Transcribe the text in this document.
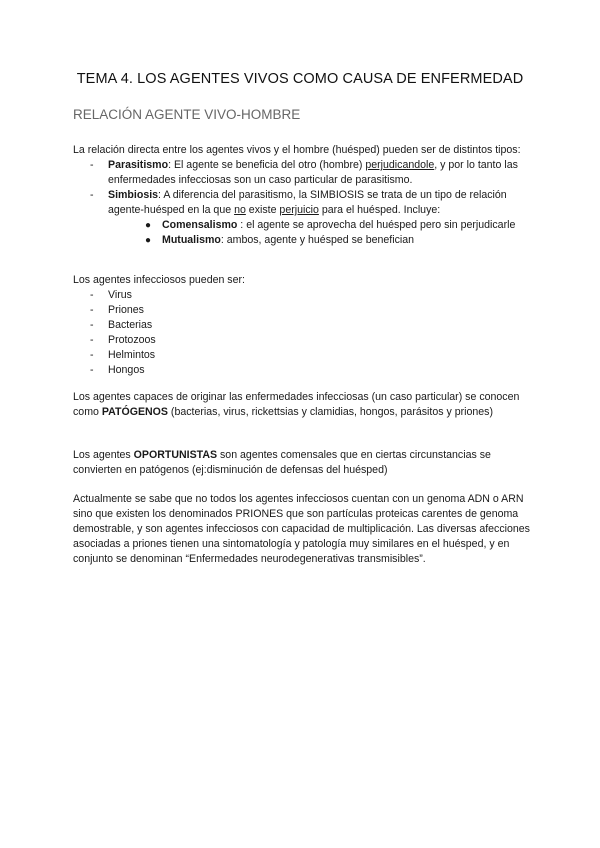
TEMA 4. LOS AGENTES VIVOS COMO CAUSA DE ENFERMEDAD
RELACIÓN AGENTE VIVO-HOMBRE

La relación directa entre los agentes vivos y el hombre (huésped) pueden ser de distintos tipos:

- Parasitismo: El agente se beneficia del otro (hombre) perjudicandole, y por lo tanto las enfermedades infecciosas son un caso particular de parasitismo.
- Simbiosis: A diferencia del parasitismo, la SIMBIOSIS se trata de un tipo de relación agente-huésped en la que no existe perjuicio para el huésped. Incluye:
● Comensalismo : el agente se aprovecha del huésped pero sin perjudicarle
● Mutualismo: ambos, agente y huésped se benefician

Los agentes infecciosos pueden ser:

- Virus
- Priones
- Bacterias
- Protozoos
- Helmintos
- Hongos

Los agentes capaces de originar las enfermedades infecciosas (un caso particular) se conocen como PATÓGENOS (bacterias, virus, rickettsias y clamidias, hongos, parásitos y priones)

Los agentes OPORTUNISTAS son agentes comensales que en ciertas circunstancias se convierten en patógenos (ej:disminución de defensas del huésped)

Actualmente se sabe que no todos los agentes infecciosos cuentan con un genoma ADN o ARN sino que existen los denominados PRIONES que son partículas proteicas carentes de genoma demostrable, y son agentes infecciosos con capacidad de multiplicación. Las diversas afecciones asociadas a priones tienen una sintomatología y patología muy similares en el huésped, y en conjunto se denominan “Enfermedades neurodegenerativas transmisibles”.
